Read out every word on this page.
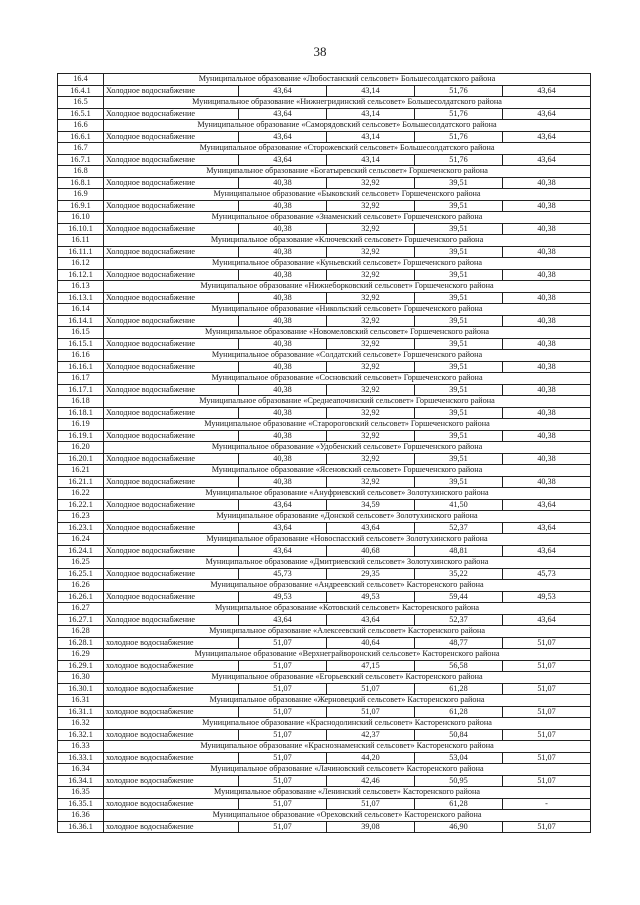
38
16.4	Муниципальное образование «Любостанский сельсовет» Большесолдатского района				
16.4.1	Холодное водоснабжение	43,64	43,14	51,76	43,64
16.5	Муниципальное образование «Нижнегридинский сельсовет» Большесолдатского района				
16.5.1	Холодное водоснабжение	43,64	43,14	51,76	43,64
16.6	Муниципальное образование «Саморядовский сельсовет» Большесолдатского района				
16.6.1	Холодное водоснабжение	43,64	43,14	51,76	43,64
16.7	Муниципальное образование «Сторожевский сельсовет» Большесолдатского района				
16.7.1	Холодное водоснабжение	43,64	43,14	51,76	43,64
16.8	Муниципальное образование «Богатыревский сельсовет» Горшеченского района				
16.8.1	Холодное водоснабжение	40,38	32,92	39,51	40,38
16.9	Муниципальное образование «Быковский сельсовет» Горшеченского района				
16.9.1	Холодное водоснабжение	40,38	32,92	39,51	40,38
16.10	Муниципальное образование «Знаменский сельсовет» Горшеченского района				
16.10.1	Холодное водоснабжение	40,38	32,92	39,51	40,38
16.11	Муниципальное образование «Ключевский сельсовет» Горшеченского района				
16.11.1	Холодное водоснабжение	40,38	32,92	39,51	40,38
16.12	Муниципальное образование «Куньевский сельсовет» Горшеченского района				
16.12.1	Холодное водоснабжение	40,38	32,92	39,51	40,38
16.13	Муниципальное образование «Нижнеборковский сельсовет» Горшеченского района				
16.13.1	Холодное водоснабжение	40,38	32,92	39,51	40,38
16.14	Муниципальное образование «Никольский сельсовет» Горшеченского района				
16.14.1	Холодное водоснабжение	40,38	32,92	39,51	40,38
16.15	Муниципальное образование «Новомеловский сельсовет» Горшеченского района				
16.15.1	Холодное водоснабжение	40,38	32,92	39,51	40,38
16.16	Муниципальное образование «Солдатский сельсовет» Горшеченского района				
16.16.1	Холодное водоснабжение	40,38	32,92	39,51	40,38
16.17	Муниципальное образование «Сосновский сельсовет» Горшеченского района				
16.17.1	Холодное водоснабжение	40,38	32,92	39,51	40,38
16.18	Муниципальное образование «Среднеапочинский сельсовет» Горшеченского района				
16.18.1	Холодное водоснабжение	40,38	32,92	39,51	40,38
16.19	Муниципальное образование «Старороговский сельсовет» Горшеченского района				
16.19.1	Холодное водоснабжение	40,38	32,92	39,51	40,38
16.20	Муниципальное образование «Удобенский сельсовет» Горшеченского района				
16.20.1	Холодное водоснабжение	40,38	32,92	39,51	40,38
16.21	Муниципальное образование «Ясеновский сельсовет» Горшеченского района				
16.21.1	Холодное водоснабжение	40,38	32,92	39,51	40,38
16.22	Муниципальное образование «Ануфриевский сельсовет» Золотухинского района				
16.22.1	Холодное водоснабжение	43,64	34,59	41,50	43,64
16.23	Муниципальное образование «Донской сельсовет» Золотухинского района				
16.23.1	Холодное водоснабжение	43,64	43,64	52,37	43,64
16.24	Муниципальное образование «Новоспасский сельсовет» Золотухинского района				
16.24.1	Холодное водоснабжение	43,64	40,68	48,81	43,64
16.25	Муниципальное образование «Дмитриевский сельсовет» Золотухинского района				
16.25.1	Холодное водоснабжение	45,73	29,35	35,22	45,73
16.26	Муниципальное образование «Андреевский сельсовет» Касторенского района				
16.26.1	Холодное водоснабжение	49,53	49,53	59,44	49,53
16.27	Муниципальное образование «Котовский сельсовет» Касторенского района				
16.27.1	Холодное водоснабжение	43,64	43,64	52,37	43,64
16.28	Муниципальное образование «Алексеевский сельсовет» Касторенского района				
16.28.1	холодное водоснабжение	51,07	40,64	48,77	51,07
16.29	Муниципальное образование «Верхнеграйворонский сельсовет» Касторенского района				
16.29.1	холодное водоснабжение	51,07	47,15	56,58	51,07
16.30	Муниципальное образование «Егорьевский сельсовет» Касторенского района				
16.30.1	холодное водоснабжение	51,07	51,07	61,28	51,07
16.31	Муниципальное образование «Жерновецкий сельсовет» Касторенского района				
16.31.1	холодное водоснабжение	51,07	51,07	61,28	51,07
16.32	Муниципальное образование «Краснодолинский сельсовет» Касторенского района				
16.32.1	холодное водоснабжение	51,07	42,37	50,84	51,07
16.33	Муниципальное образование «Краснознаменский сельсовет» Касторенского района				
16.33.1	холодное водоснабжение	51,07	44,20	53,04	51,07
16.34	Муниципальное образование «Лачиновский сельсовет» Касторенского района				
16.34.1	холодное водоснабжение	51,07	42,46	50,95	51,07
16.35	Муниципальное образование «Ленинский сельсовет» Касторенского района				
16.35.1	холодное водоснабжение	51,07	51,07	61,28	-
16.36	Муниципальное образование «Ореховский сельсовет» Касторенского района				
16.36.1	холодное водоснабжение	51,07	39,08	46,90	51,07
